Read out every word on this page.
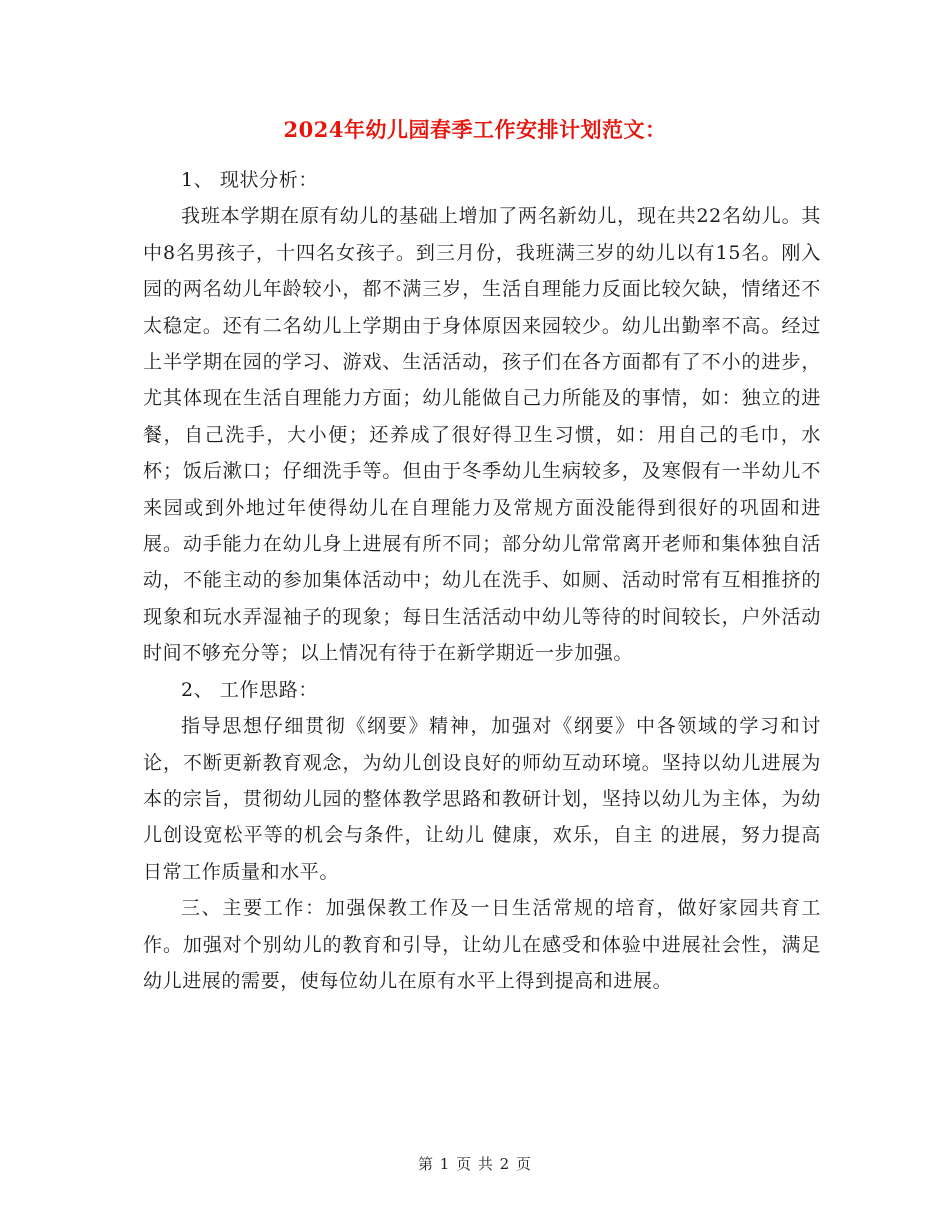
2024年幼儿园春季工作安排计划范文：

1、 现状分析：

我班本学期在原有幼儿的基础上增加了两名新幼儿，现在共22名幼儿。其中8名男孩子，十四名女孩子。到三月份，我班满三岁的幼儿以有15名。刚入园的两名幼儿年龄较小，都不满三岁，生活自理能力反面比较欠缺，情绪还不太稳定。还有二名幼儿上学期由于身体原因来园较少。幼儿出勤率不高。经过上半学期在园的学习、游戏、生活活动，孩子们在各方面都有了不小的进步，尤其体现在生活自理能力方面；幼儿能做自己力所能及的事情，如：独立的进餐，自己洗手，大小便；还养成了很好得卫生习惯，如：用自己的毛巾，水杯；饭后漱口；仔细洗手等。但由于冬季幼儿生病较多，及寒假有一半幼儿不来园或到外地过年使得幼儿在自理能力及常规方面没能得到很好的巩固和进展。动手能力在幼儿身上进展有所不同；部分幼儿常常离开老师和集体独自活动，不能主动的参加集体活动中；幼儿在洗手、如厕、活动时常有互相推挤的现象和玩水弄湿袖子的现象；每日生活活动中幼儿等待的时间较长，户外活动时间不够充分等；以上情况有待于在新学期近一步加强。

2、 工作思路：

指导思想仔细贯彻《纲要》精神，加强对《纲要》中各领域的学习和讨论，不断更新教育观念，为幼儿创设良好的师幼互动环境。坚持以幼儿进展为本的宗旨，贯彻幼儿园的整体教学思路和教研计划，坚持以幼儿为主体，为幼儿创设宽松平等的机会与条件，让幼儿 健康，欢乐，自主 的进展，努力提高日常工作质量和水平。

三、主要工作：加强保教工作及一日生活常规的培育，做好家园共育工作。加强对个别幼儿的教育和引导，让幼儿在感受和体验中进展社会性，满足幼儿进展的需要，使每位幼儿在原有水平上得到提高和进展。

第 1 页 共 2 页
